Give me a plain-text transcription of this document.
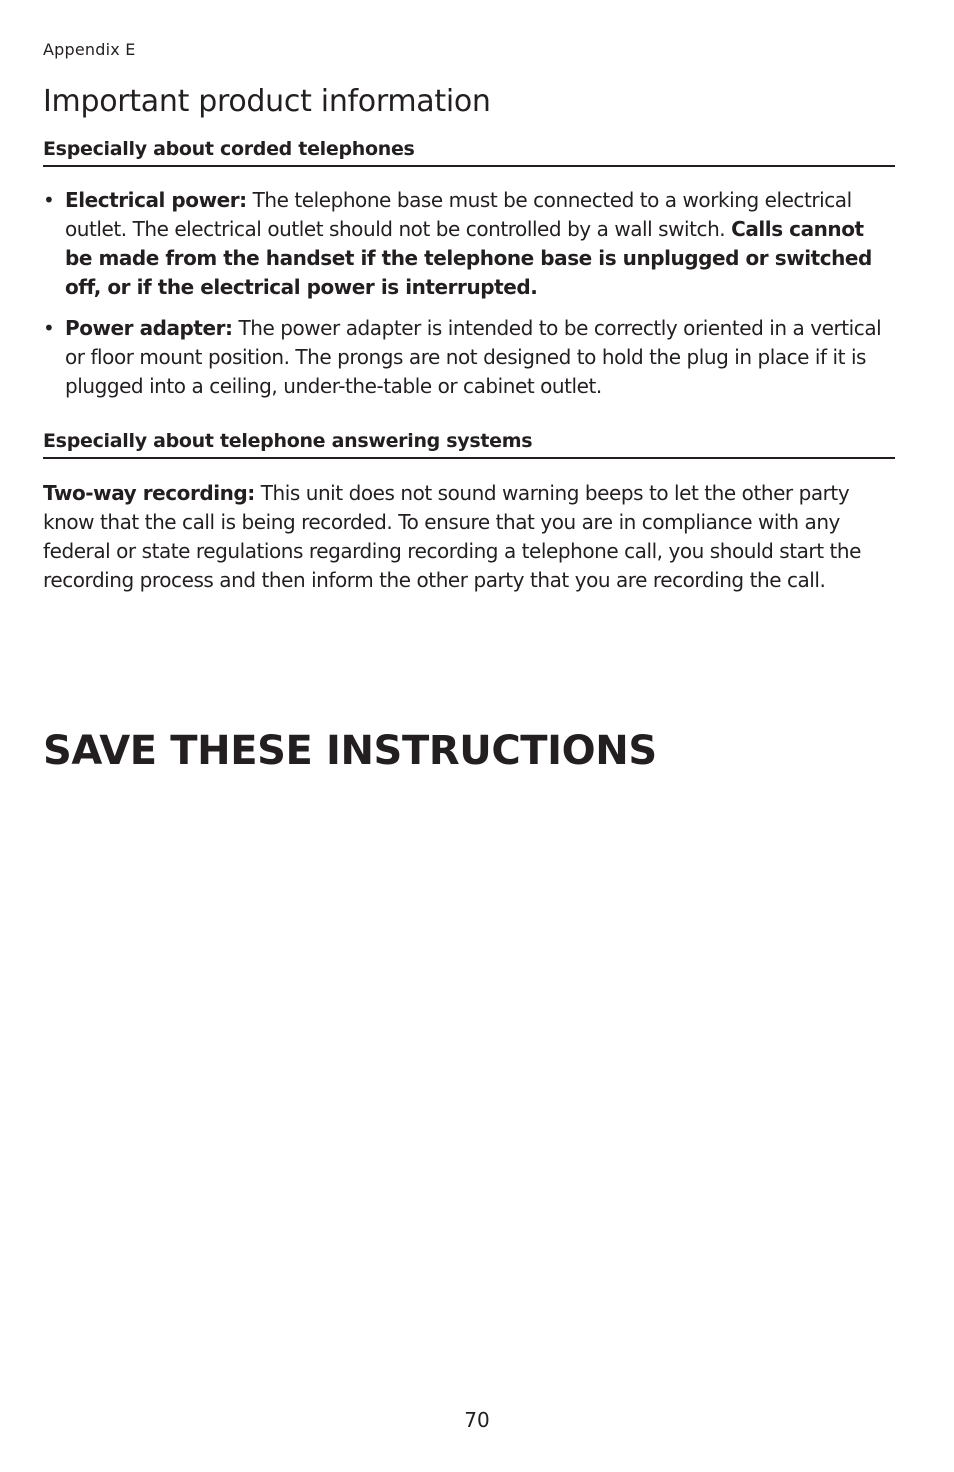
Appendix E
Important product information
Especially about corded telephones
• Electrical power: The telephone base must be connected to a working electrical outlet. The electrical outlet should not be controlled by a wall switch. Calls cannot be made from the handset if the telephone base is unplugged or switched off, or if the electrical power is interrupted.
• Power adapter: The power adapter is intended to be correctly oriented in a vertical or floor mount position. The prongs are not designed to hold the plug in place if it is plugged into a ceiling, under-the-table or cabinet outlet.
Especially about telephone answering systems

Two-way recording: This unit does not sound warning beeps to let the other party know that the call is being recorded. To ensure that you are in compliance with any federal or state regulations regarding recording a telephone call, you should start the recording process and then inform the other party that you are recording the call.

SAVE THESE INSTRUCTIONS
70
